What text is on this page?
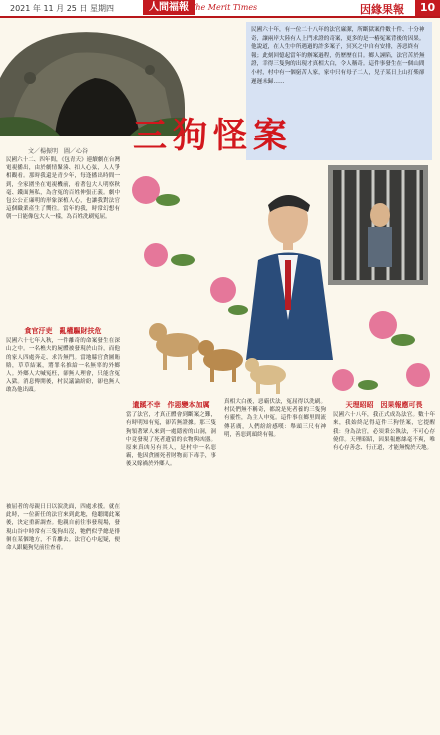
2021 年 11 月 25 日 星期四	人間福報 The Merit Times	因緣果報	10
民國六十年，有一位二十八年的法官廉潔，所斷獄案件數十件、十分神奇，讓兩岸大陸有人上門求證的奇案，更多的是一樁冤案背後的因果。他說道，在人生中所遇過的許多案子，冥冥之中自有安排，善惡終有報；此刻回憶起當年的辦案過程，仍歷歷在目。鄉人誣陷，法官苦於無證，幸得三隻狗的出現才真相大白，令人稱奇。這件事發生在一個山間小村，村中有一個窮苦人家，家中只有母子二人，兒子某日上山打柴卻遲遲未歸……
三狗怪案
文／楊振明　圖／心谷
民國六十二、四年間，《包青天》連續劇在台灣電視播出，由於劇情緊湊、扣人心弦，人人爭相觀看。那時我還是青少年，每逢播出時間一到，全家圍坐在電視機前，看著包大人明察秋毫、鐵面無私，為含冤的百姓伸張正義。劇中包公公正廉明的形象深植人心，也讓我對法官這個職業產生了嚮往。當年的我，時常幻想有朝一日能像包大人一樣，為百姓洗刷冤屈。
貪官汙吏　亂權驅財扶危
民國六十七年入秋，一件離奇的命案發生在深山之中。一名樵夫的屍體被發現於山谷，而他的家人四處奔走、求告無門。當地縣官貪圖賄賂，草草結案，將罪名推給一名無辜的外鄉人。外鄉人大喊冤枉，卻無人理會，只能含冤入獄。消息傳開後，村民議論紛紛，卻也無人敢為他出頭。
被屈者的母親日日以淚洗面，四處求援。就在此時，一位新任的法官來到此地，他聽聞此案後，決定重新調查。他親自前往事發現場，發現山谷中時常有三隻狗出沒，牠們似乎總是徘徊在某個地方，不肯離去。法官心中起疑，便命人跟隨狗兒前往查看。
遺蹊不幸　作惡變本加厲
當了法官，才真正體會到斷案之難，有時明知有冤，卻苦無證據。那三隻狗領著眾人來到一處隱密的山洞，洞中竟發現了死者遺留的衣物與凶器。原來真凶另有其人，是村中一名惡霸，他因貪圖死者財物而下毒手，事後又嫁禍於外鄉人。
真相大白後，惡霸伏法，冤屈得以洗刷。村民們無不稱奇，都說是死者養的三隻狗有靈性，為主人申冤。這件事在鄉里間流傳甚廣，人們紛紛感嘆：舉頭三尺有神明，善惡到頭終有報。
天理昭昭　因果報應可畏
民國六十八年，我正式成為法官。數十年來，我始終記得這件三狗怪案，它提醒我：身為法官，必須秉公執法，不可心存僥倖。天理昭昭，因果報應絲毫不爽，唯有心存善念、行正道，才能無愧於天地。
